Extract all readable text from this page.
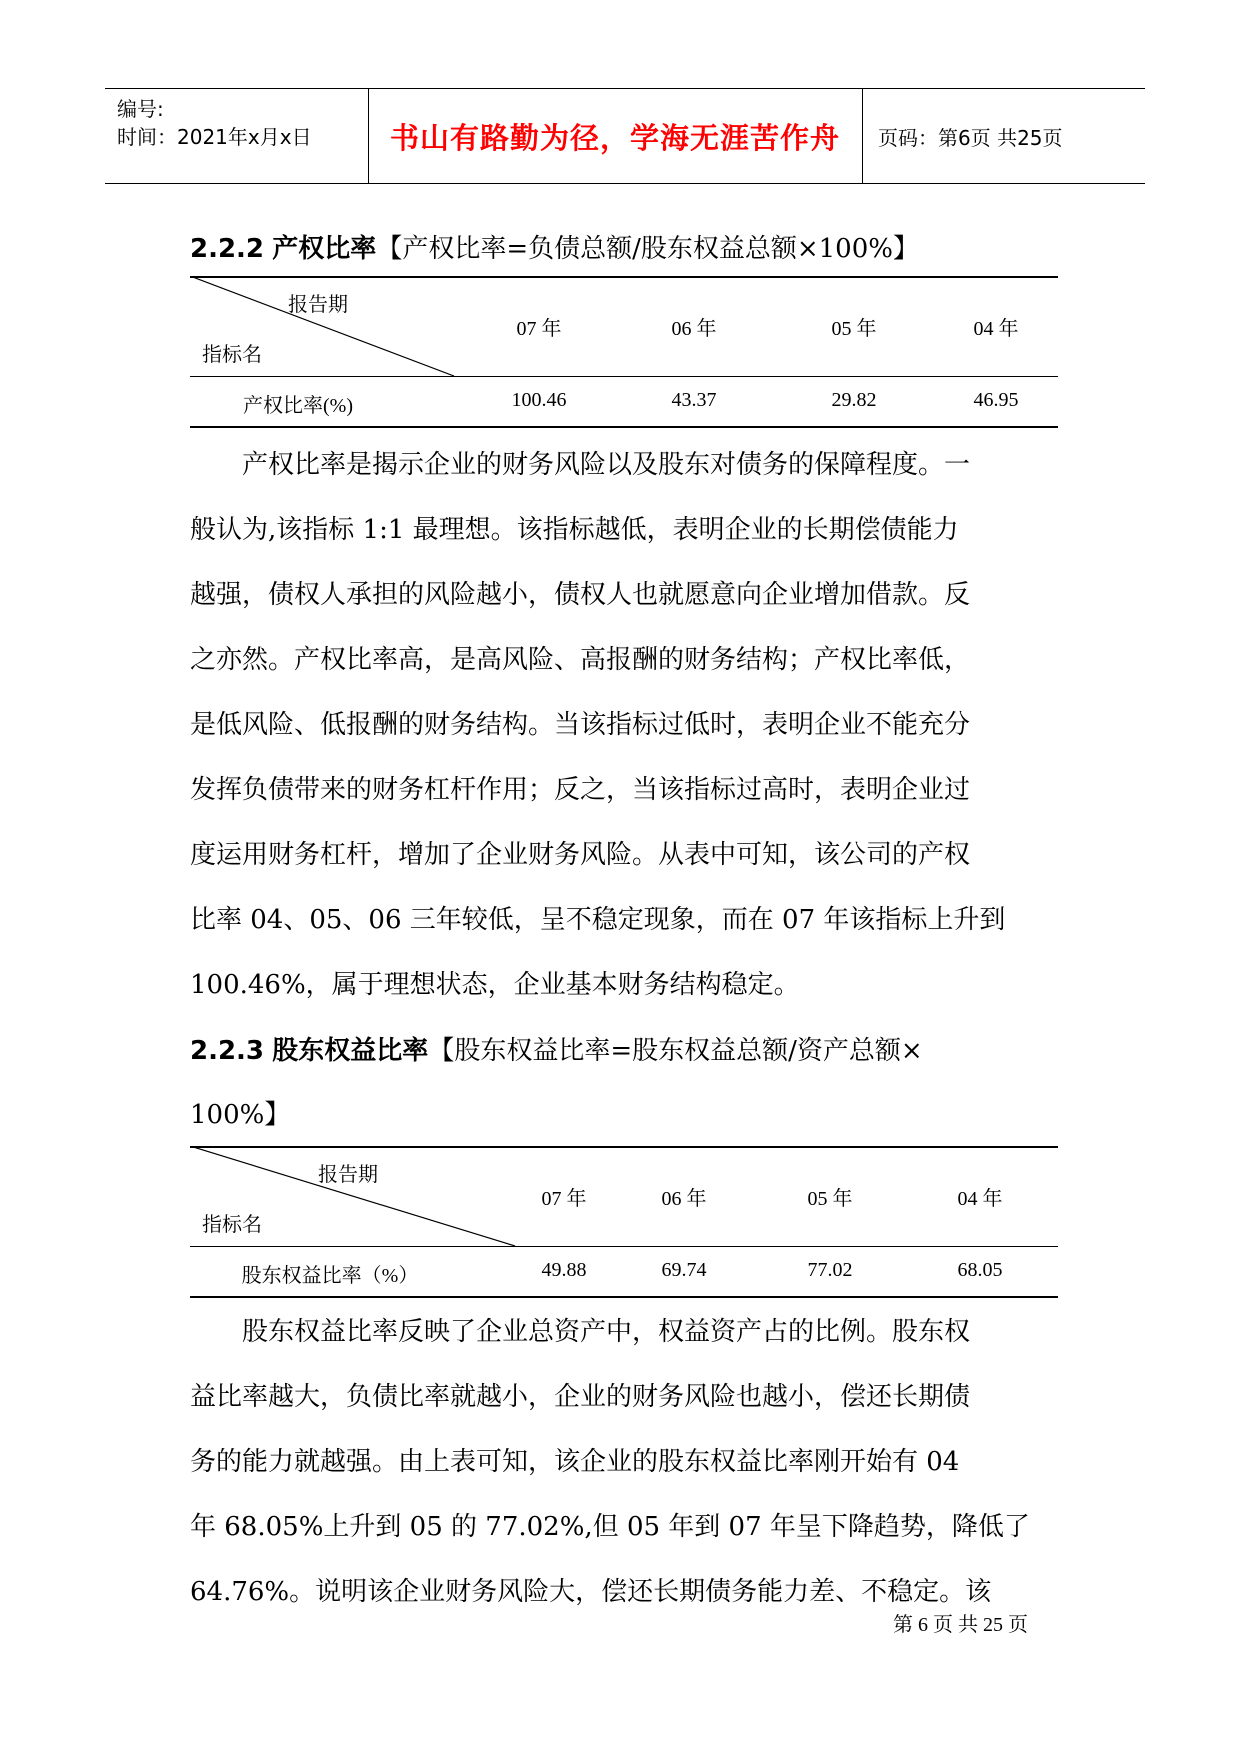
编号:
时间：2021年x月x日	书山有路勤为径，学海无涯苦作舟 页码：第6页 共25页
2.2.2 产权比率【产权比率=负债总额/股东权益总额×100%】
报告期
指标名
07 年	06 年	05 年	04 年
产权比率(%)	100.46	43.37	29.82	46.95
产权比率是揭示企业的财务风险以及股东对债务的保障程度。一
般认为,该指标 1:1 最理想。该指标越低，表明企业的长期偿债能力
越强，债权人承担的风险越小，债权人也就愿意向企业增加借款。反
之亦然。产权比率高，是高风险、高报酬的财务结构；产权比率低，
是低风险、低报酬的财务结构。当该指标过低时，表明企业不能充分
发挥负债带来的财务杠杆作用；反之，当该指标过高时，表明企业过
度运用财务杠杆，增加了企业财务风险。从表中可知，该公司的产权
比率 04、05、06 三年较低，呈不稳定现象，而在 07 年该指标上升到
100.46%，属于理想状态，企业基本财务结构稳定。
2.2.3 股东权益比率【股东权益比率=股东权益总额/资产总额×
100%】
报告期
指标名
07 年	06 年	05 年	04 年
股东权益比率（%）	49.88	69.74	77.02	68.05
股东权益比率反映了企业总资产中，权益资产占的比例。股东权
益比率越大，负债比率就越小，企业的财务风险也越小，偿还长期债
务的能力就越强。由上表可知，该企业的股东权益比率刚开始有 04
年 68.05%上升到 05 的 77.02%,但 05 年到 07 年呈下降趋势，降低了
64.76%。说明该企业财务风险大，偿还长期债务能力差、不稳定。该
第 6 页 共 25 页
